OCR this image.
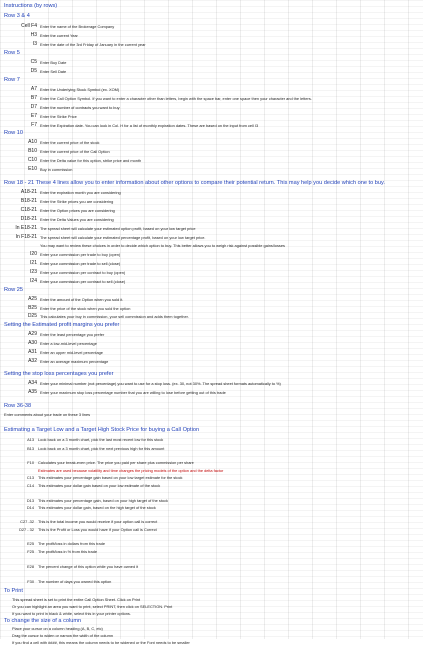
Instructions (by rows)
Row 3 & 4
Cell F4 Enter the name of the Brokerage Company
H3 Enter the current Year
I3 Enter the date of the 3rd Friday of January in the current year
Row 5
C5 Enter Buy Date
D5 Enter Sell Date
Row 7
A7 Enter the Underlying Stock Symbol (ex. XOM)
B7 Enter the Call Option Symbol. If you want to enter a character other than letters, begin with the space bar, enter one space then your character and the letters.
D7 Enter the number of contracts you want to buy
E7 Enter the Strike Price
F7 Enter the Expiration date. You can look in Col. H for a list of monthly expiration dates. These are based on the input from cell I3
Row 10
A10 Enter the current price of the stock
B10 Enter the current price of the Call Option
C10 Enter the Delta value for this option, strike price and month
E10 Buy in commission
Row 18 - 21 These 4 lines allow you to enter information about other options to compare their potential return. This may help you decide which one to buy.
A18-21 Enter the expiration month you are considering
B18-21 Enter the Strike prices you are considering
C18-21 Enter the Option prices you are considering
D18-21 Enter the Delta Values you are considering
In E18-21 The spread sheet will calculate your estimated option profit, based on your low target price
In F18-21 The spread sheet will calculate your estimated percentage profit, based on your low target price.
You may want to review these choices in order to decide which option to buy. This better allows you to weigh risk against possible gains/losses
I20 Enter your commission per trade to buy (open)
I21 Enter your commission per trade to sell (close)
I23 Enter your commission per contract to buy (open)
I24 Enter your commission per contract to sell (close)
Row 25
A25 Enter the amount of the Option when you sold it.
B25 Enter the price of the stock when you sold the option
D25 This calculates your buy in commission, your sell commission and adds them together.
Setting the Estimated profit margins you prefer
A29 Enter the least percentage you prefer
A30 Enter a low-mid-level percentage
A31 Enter an upper mid-level percentage
A32 Enter an average maximum percentage
Setting the stop loss percentages you prefer
A34 Enter your minimal number (not percentage) you want to use for a stop loss. (ex. 30, not 30%. The spread sheet formats automatically to %)
A35 Enter your maximum stop loss percentage number that you are willing to lose before getting out of this trade
Row 36-38
Enter comments about your trade on these 3 lines
Estimating a Target Low and a Target High Stock Price for buying a Call Option
A13 Look back on a 3 month chart, pick the last most recent low for this stock
B13 Look back on a 3 month chart, pick the next previous high for this amount
F10 Calculates your break-even price. The price you paid per share plus commission per share
Estimates are used because volatility and time changes the pricing models of the option and the delta factor
C13 This estimates your percentage gain based on your low target estimate for the stock
C14 This estimates your dollar gain based on your low estimate of the stock
D13 This estimates your percentage gain, based on your high target of the stock
D14 This estimates your dollar gain, based on the high target of the stock
C27 -32 This is the total income you would receive if your option call is correct
D27 - 32 This is the Profit or Loss you would have if your Option call is Correct
E25 The profit/loss in dollars from this trade
F25 The profit/loss in % from this trade
E28 The percent change of this option while you have owned it
F30 The number of days you owned this option
To Print
This spread sheet is set to print the entire Call Option Sheet. Click on Print
Or you can highlight an area you want to print, select PRINT, then click on SELECTION. Print
If you want to print in black & white, select this in your printer options.
To change the size of a column
Place your cursor on a column heading (A, B, C, etc)
Drag the cursor to widen or narrow the width of the column
If you find a cell with ####, this means the column needs to be widened or the Font needs to be smaller
